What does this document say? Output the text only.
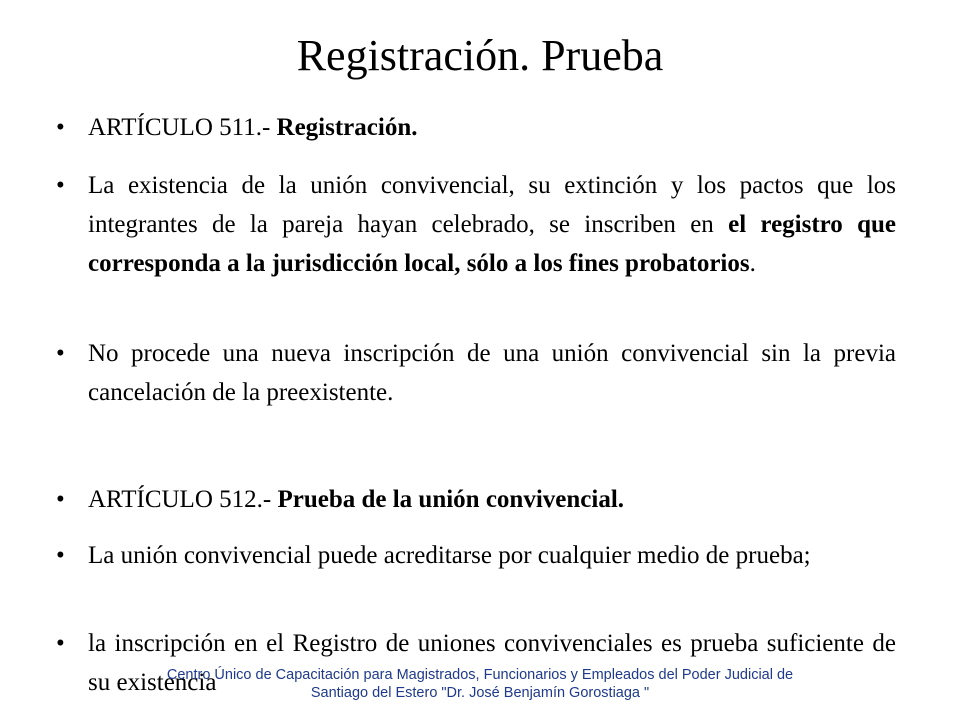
Registración. Prueba
• ARTÍCULO 511.- Registración.
• La existencia de la unión convivencial, su extinción y los pactos que los integrantes de la pareja hayan celebrado, se inscriben en el registro que corresponda a la jurisdicción local, sólo a los fines probatorios.
• No procede una nueva inscripción de una unión convivencial sin la previa cancelación de la preexistente.
• ARTÍCULO 512.- Prueba de la unión convivencial.
• La unión convivencial puede acreditarse por cualquier medio de prueba;
• la inscripción en el Registro de uniones convivenciales es prueba suficiente de su existencia
Centro Único de Capacitación para Magistrados, Funcionarios y Empleados del Poder Judicial de
Santiago del Estero "Dr. José Benjamín Gorostiaga "
